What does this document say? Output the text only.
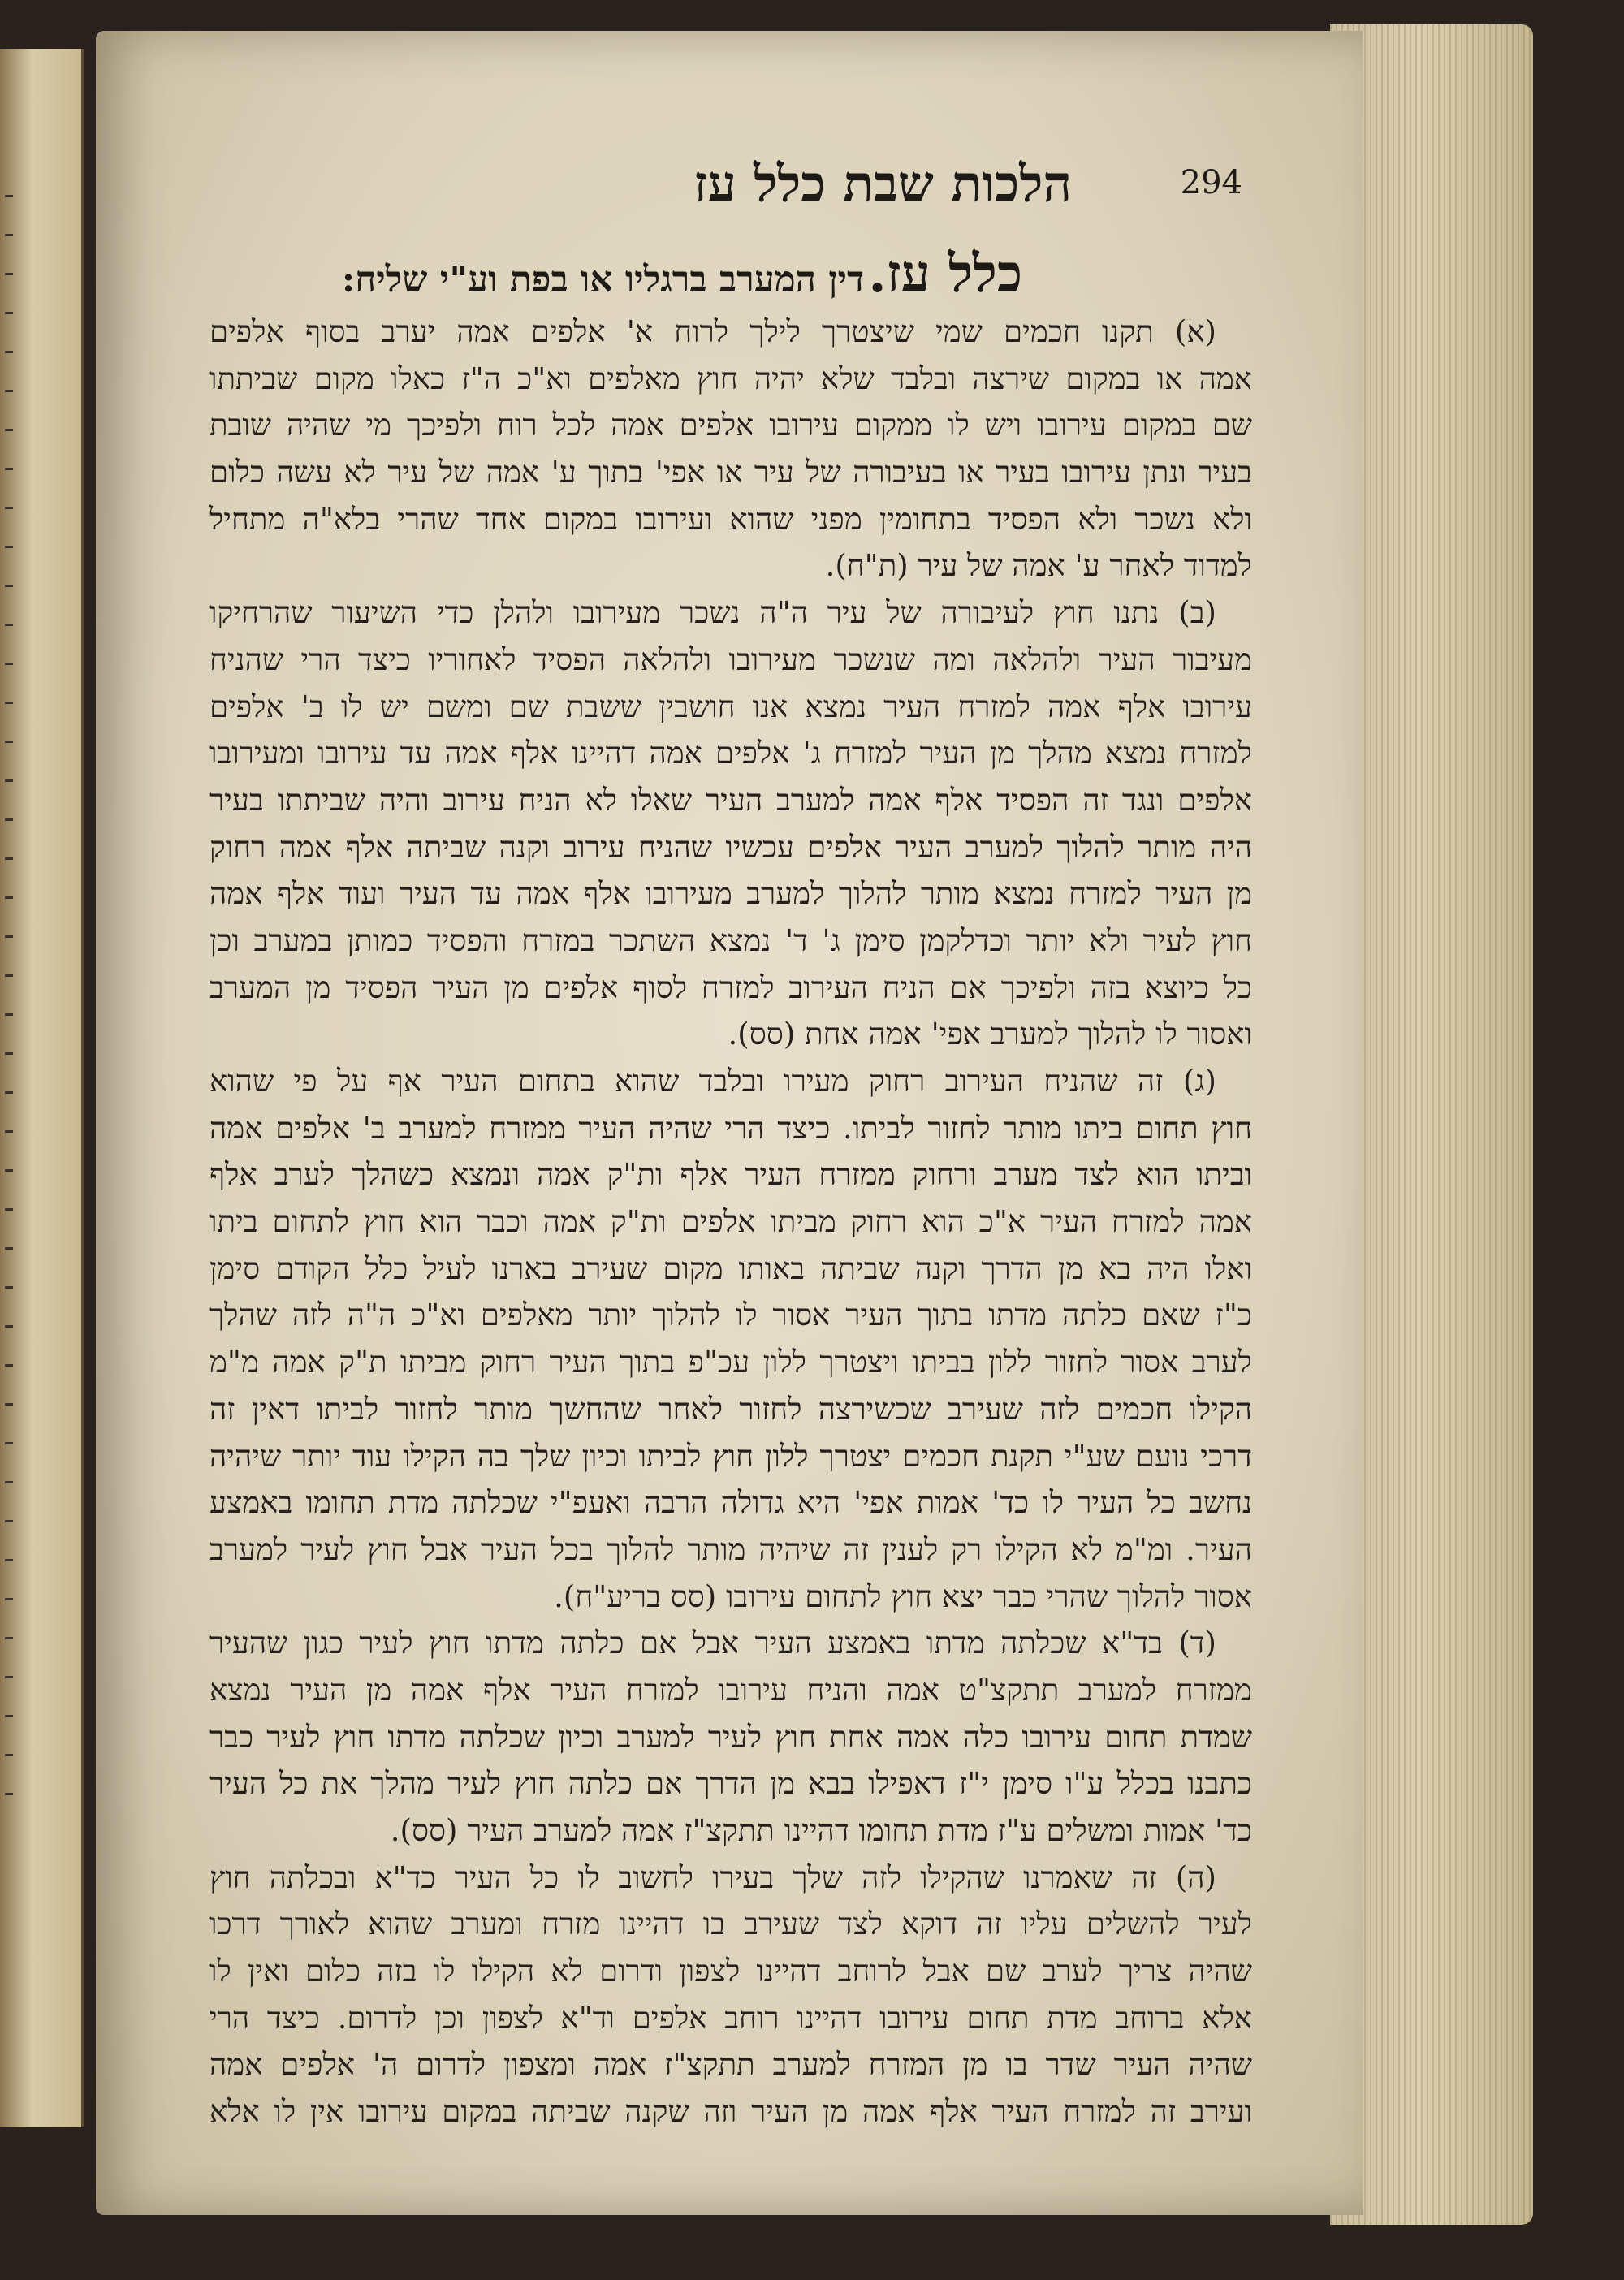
הלכות שבת כלל עז	294
כלל עז. דין המערב ברגליו או בפת וע"י שליח:
(א) תקנו חכמים שמי שיצטרך לילך לרוח א' אלפים אמה יערב בסוף אלפים
אמה או במקום שירצה ובלבד שלא יהיה חוץ מאלפים וא"כ ה"ז כאלו מקום שביתתו
שם במקום עירובו ויש לו ממקום עירובו אלפים אמה לכל רוח ולפיכך מי שהיה שובת
בעיר ונתן עירובו בעיר או בעיבורה של עיר או אפי' בתוך ע' אמה של עיר לא עשה כלום
ולא נשכר ולא הפסיד בתחומין מפני שהוא ועירובו במקום אחד שהרי בלא"ה מתחיל
למדוד לאחר ע' אמה של עיר (ת"ח).
(ב) נתנו חוץ לעיבורה של עיר ה"ה נשכר מעירובו ולהלן כדי השיעור שהרחיקו
מעיבור העיר ולהלאה ומה שנשכר מעירובו ולהלאה הפסיד לאחוריו כיצד הרי שהניח
עירובו אלף אמה למזרח העיר נמצא אנו חושבין ששבת שם ומשם יש לו ב' אלפים
למזרח נמצא מהלך מן העיר למזרח ג' אלפים אמה דהיינו אלף אמה עד עירובו ומעירובו
אלפים ונגד זה הפסיד אלף אמה למערב העיר שאלו לא הניח עירוב והיה שביתתו בעיר
היה מותר להלוך למערב העיר אלפים עכשיו שהניח עירוב וקנה שביתה אלף אמה רחוק
מן העיר למזרח נמצא מותר להלוך למערב מעירובו אלף אמה עד העיר ועוד אלף אמה
חוץ לעיר ולא יותר וכדלקמן סימן ג' ד' נמצא השתכר במזרח והפסיד כמותן במערב וכן
כל כיוצא בזה ולפיכך אם הניח העירוב למזרח לסוף אלפים מן העיר הפסיד מן המערב
ואסור לו להלוך למערב אפי' אמה אחת (סס).
(ג) זה שהניח העירוב רחוק מעירו ובלבד שהוא בתחום העיר אף על פי שהוא
חוץ תחום ביתו מותר לחזור לביתו. כיצד הרי שהיה העיר ממזרח למערב ב' אלפים אמה
וביתו הוא לצד מערב ורחוק ממזרח העיר אלף ות"ק אמה ונמצא כשהלך לערב אלף
אמה למזרח העיר א"כ הוא רחוק מביתו אלפים ות"ק אמה וכבר הוא חוץ לתחום ביתו
ואלו היה בא מן הדרך וקנה שביתה באותו מקום שעירב בארנו לעיל כלל הקודם סימן
כ"ז שאם כלתה מדתו בתוך העיר אסור לו להלוך יותר מאלפים וא"כ ה"ה לזה שהלך
לערב אסור לחזור ללון בביתו ויצטרך ללון עכ"פ בתוך העיר רחוק מביתו ת"ק אמה מ"מ
הקילו חכמים לזה שעירב שכשירצה לחזור לאחר שהחשך מותר לחזור לביתו דאין זה
דרכי נועם שע"י תקנת חכמים יצטרך ללון חוץ לביתו וכיון שלך בה הקילו עוד יותר שיהיה
נחשב כל העיר לו כד' אמות אפי' היא גדולה הרבה ואעפ"י שכלתה מדת תחומו באמצע
העיר. ומ"מ לא הקילו רק לענין זה שיהיה מותר להלוך בכל העיר אבל חוץ לעיר למערב
אסור להלוך שהרי כבר יצא חוץ לתחום עירובו (סס בריע"ח).
(ד) בד"א שכלתה מדתו באמצע העיר אבל אם כלתה מדתו חוץ לעיר כגון שהעיר
ממזרח למערב תתקצ"ט אמה והניח עירובו למזרח העיר אלף אמה מן העיר נמצא
שמדת תחום עירובו כלה אמה אחת חוץ לעיר למערב וכיון שכלתה מדתו חוץ לעיר כבר
כתבנו בכלל ע"ו סימן י"ז דאפילו בבא מן הדרך אם כלתה חוץ לעיר מהלך את כל העיר
כד' אמות ומשלים ע"ז מדת תחומו דהיינו תתקצ"ז אמה למערב העיר (סס).
(ה) זה שאמרנו שהקילו לזה שלך בעירו לחשוב לו כל העיר כד"א ובכלתה חוץ
לעיר להשלים עליו זה דוקא לצד שעירב בו דהיינו מזרח ומערב שהוא לאורך דרכו
שהיה צריך לערב שם אבל לרוחב דהיינו לצפון ודרום לא הקילו לו בזה כלום ואין לו
אלא ברוחב מדת תחום עירובו דהיינו רוחב אלפים וד"א לצפון וכן לדרום. כיצד הרי
שהיה העיר שדר בו מן המזרח למערב תתקצ"ז אמה ומצפון לדרום ה' אלפים אמה
ועירב זה למזרח העיר אלף אמה מן העיר וזה שקנה שביתה במקום עירובו אין לו אלא
